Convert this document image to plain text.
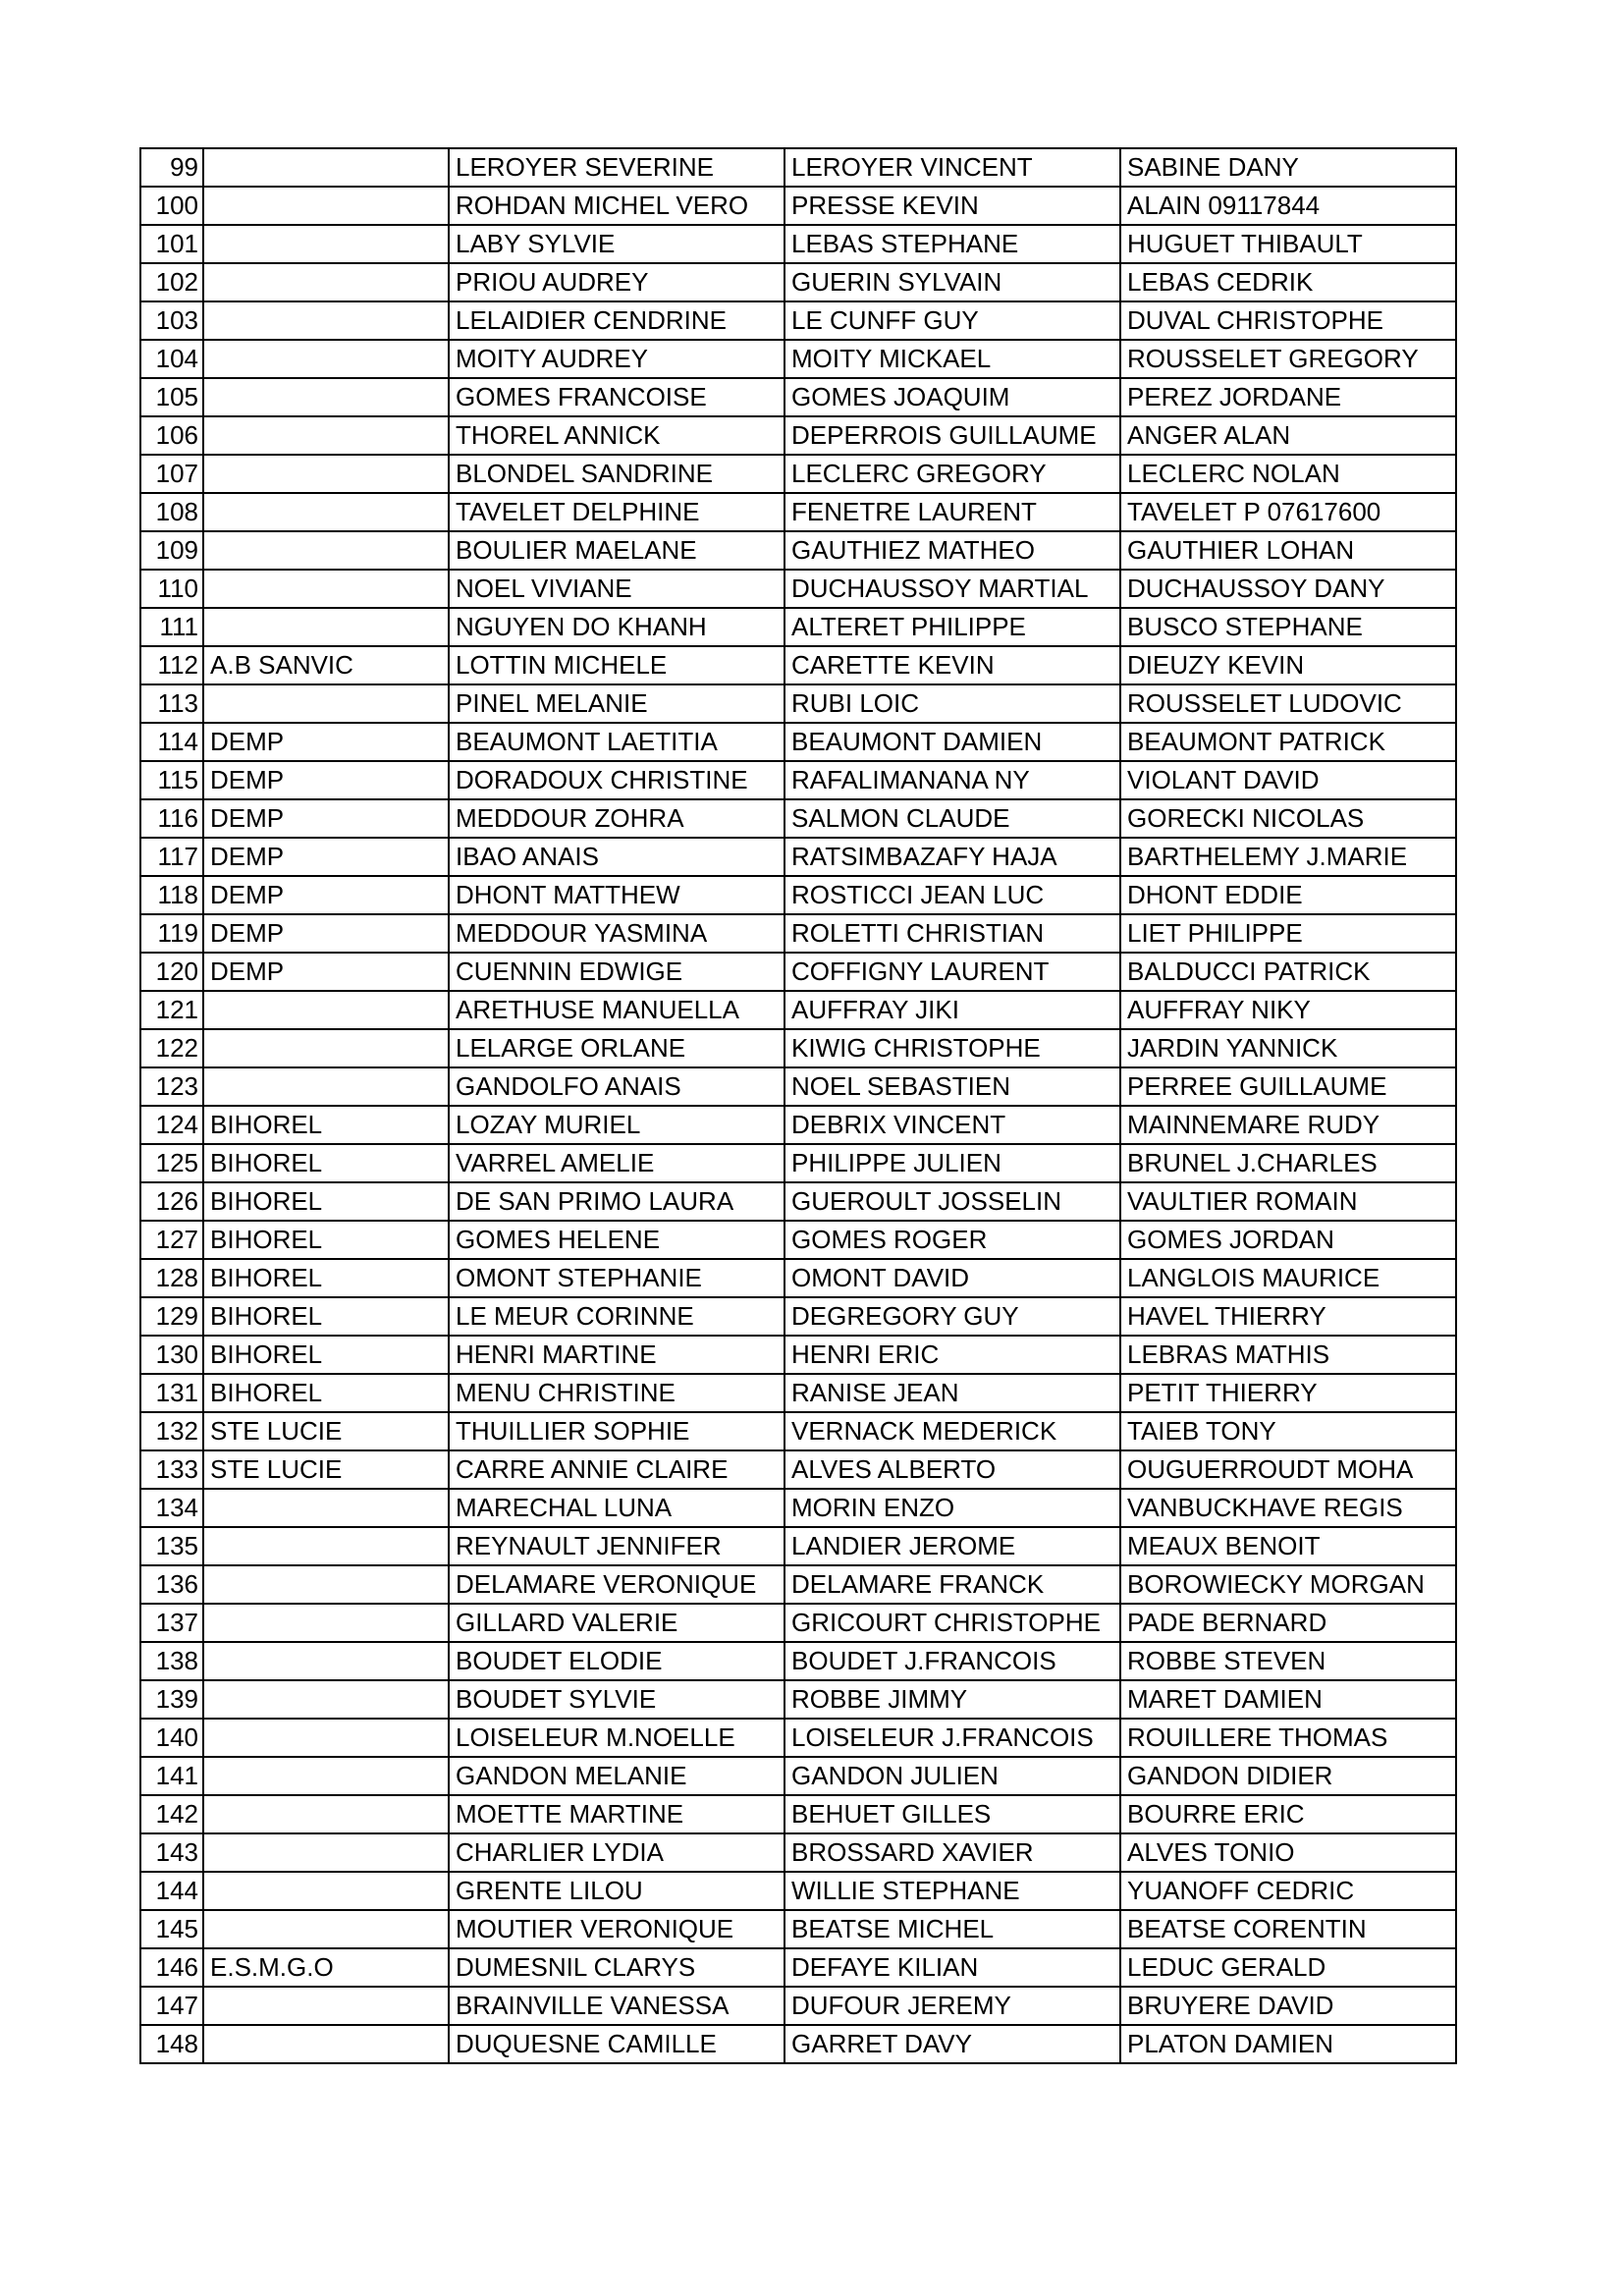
99		LEROYER SEVERINE	LEROYER VINCENT	SABINE DANY
100		ROHDAN MICHEL VERO	PRESSE KEVIN	ALAIN 09117844
101		LABY SYLVIE	LEBAS STEPHANE	HUGUET THIBAULT
102		PRIOU AUDREY	GUERIN SYLVAIN	LEBAS CEDRIK
103		LELAIDIER CENDRINE	LE CUNFF GUY	DUVAL CHRISTOPHE
104		MOITY AUDREY	MOITY MICKAEL	ROUSSELET GREGORY
105		GOMES FRANCOISE	GOMES JOAQUIM	PEREZ JORDANE
106		THOREL ANNICK	DEPERROIS GUILLAUME	ANGER ALAN
107		BLONDEL SANDRINE	LECLERC GREGORY	LECLERC NOLAN
108		TAVELET DELPHINE	FENETRE LAURENT	TAVELET P 07617600
109		BOULIER MAELANE	GAUTHIEZ MATHEO	GAUTHIER LOHAN
110		NOEL VIVIANE	DUCHAUSSOY MARTIAL	DUCHAUSSOY DANY
111		NGUYEN DO KHANH	ALTERET PHILIPPE	BUSCO STEPHANE
112	A.B SANVIC	LOTTIN MICHELE	CARETTE KEVIN	DIEUZY KEVIN
113		PINEL MELANIE	RUBI LOIC	ROUSSELET LUDOVIC
114	DEMP	BEAUMONT LAETITIA	BEAUMONT DAMIEN	BEAUMONT PATRICK
115	DEMP	DORADOUX CHRISTINE	RAFALIMANANA NY	VIOLANT DAVID
116	DEMP	MEDDOUR ZOHRA	SALMON CLAUDE	GORECKI NICOLAS
117	DEMP	IBAO ANAIS	RATSIMBAZAFY HAJA	BARTHELEMY J.MARIE
118	DEMP	DHONT MATTHEW	ROSTICCI JEAN LUC	DHONT EDDIE
119	DEMP	MEDDOUR YASMINA	ROLETTI CHRISTIAN	LIET PHILIPPE
120	DEMP	CUENNIN EDWIGE	COFFIGNY LAURENT	BALDUCCI PATRICK
121		ARETHUSE MANUELLA	AUFFRAY JIKI	AUFFRAY NIKY
122		LELARGE ORLANE	KIWIG CHRISTOPHE	JARDIN YANNICK
123		GANDOLFO ANAIS	NOEL SEBASTIEN	PERREE GUILLAUME
124	BIHOREL	LOZAY MURIEL	DEBRIX VINCENT	MAINNEMARE RUDY
125	BIHOREL	VARREL AMELIE	PHILIPPE JULIEN	BRUNEL J.CHARLES
126	BIHOREL	DE SAN PRIMO LAURA	GUEROULT JOSSELIN	VAULTIER ROMAIN
127	BIHOREL	GOMES HELENE	GOMES ROGER	GOMES JORDAN
128	BIHOREL	OMONT STEPHANIE	OMONT DAVID	LANGLOIS MAURICE
129	BIHOREL	LE MEUR CORINNE	DEGREGORY GUY	HAVEL THIERRY
130	BIHOREL	HENRI MARTINE	HENRI ERIC	LEBRAS MATHIS
131	BIHOREL	MENU CHRISTINE	RANISE JEAN	PETIT THIERRY
132	STE LUCIE	THUILLIER SOPHIE	VERNACK MEDERICK	TAIEB TONY
133	STE LUCIE	CARRE ANNIE CLAIRE	ALVES ALBERTO	OUGUERROUDT MOHA
134		MARECHAL LUNA	MORIN ENZO	VANBUCKHAVE REGIS
135		REYNAULT JENNIFER	LANDIER JEROME	MEAUX BENOIT
136		DELAMARE VERONIQUE	DELAMARE FRANCK	BOROWIECKY MORGAN
137		GILLARD VALERIE	GRICOURT CHRISTOPHE	PADE BERNARD
138		BOUDET ELODIE	BOUDET J.FRANCOIS	ROBBE STEVEN
139		BOUDET SYLVIE	ROBBE JIMMY	MARET DAMIEN
140		LOISELEUR M.NOELLE	LOISELEUR J.FRANCOIS	ROUILLERE THOMAS
141		GANDON MELANIE	GANDON JULIEN	GANDON DIDIER
142		MOETTE MARTINE	BEHUET GILLES	BOURRE ERIC
143		CHARLIER LYDIA	BROSSARD XAVIER	ALVES TONIO
144		GRENTE LILOU	WILLIE STEPHANE	YUANOFF CEDRIC
145		MOUTIER VERONIQUE	BEATSE MICHEL	BEATSE CORENTIN
146	E.S.M.G.O	DUMESNIL CLARYS	DEFAYE KILIAN	LEDUC GERALD
147		BRAINVILLE VANESSA	DUFOUR JEREMY	BRUYERE DAVID
148		DUQUESNE CAMILLE	GARRET DAVY	PLATON DAMIEN
